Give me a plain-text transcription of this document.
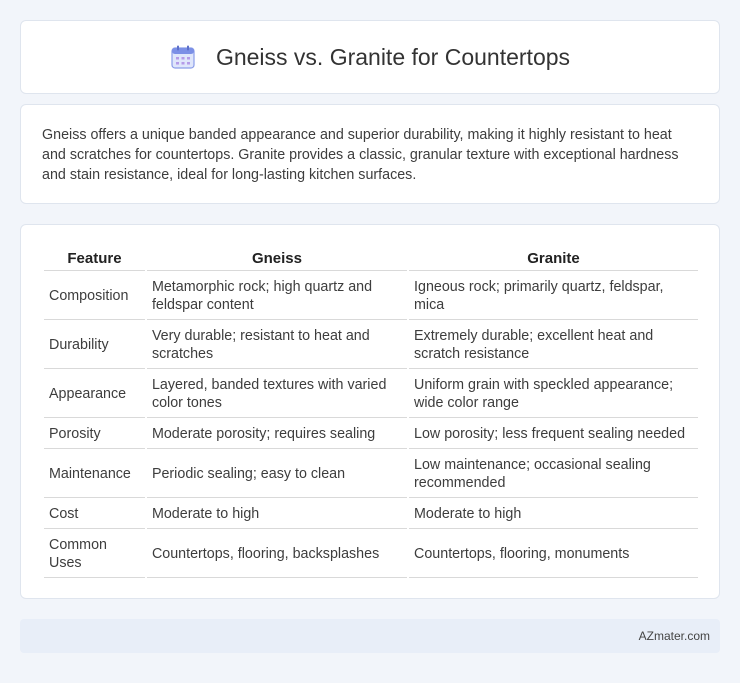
Gneiss vs. Granite for Countertops

Gneiss offers a unique banded appearance and superior durability, making it highly resistant to heat and scratches for countertops. Granite provides a classic, granular texture with exceptional hardness and stain resistance, ideal for long-lasting kitchen surfaces.

Feature	Gneiss	Granite
Composition	Metamorphic rock; high quartz and feldspar content	Igneous rock; primarily quartz, feldspar, mica
Durability	Very durable; resistant to heat and scratches	Extremely durable; excellent heat and scratch resistance
Appearance	Layered, banded textures with varied color tones	Uniform grain with speckled appearance; wide color range
Porosity	Moderate porosity; requires sealing	Low porosity; less frequent sealing needed
Maintenance	Periodic sealing; easy to clean	Low maintenance; occasional sealing recommended
Cost	Moderate to high	Moderate to high
Common Uses	Countertops, flooring, backsplashes	Countertops, flooring, monuments
AZmater.com
